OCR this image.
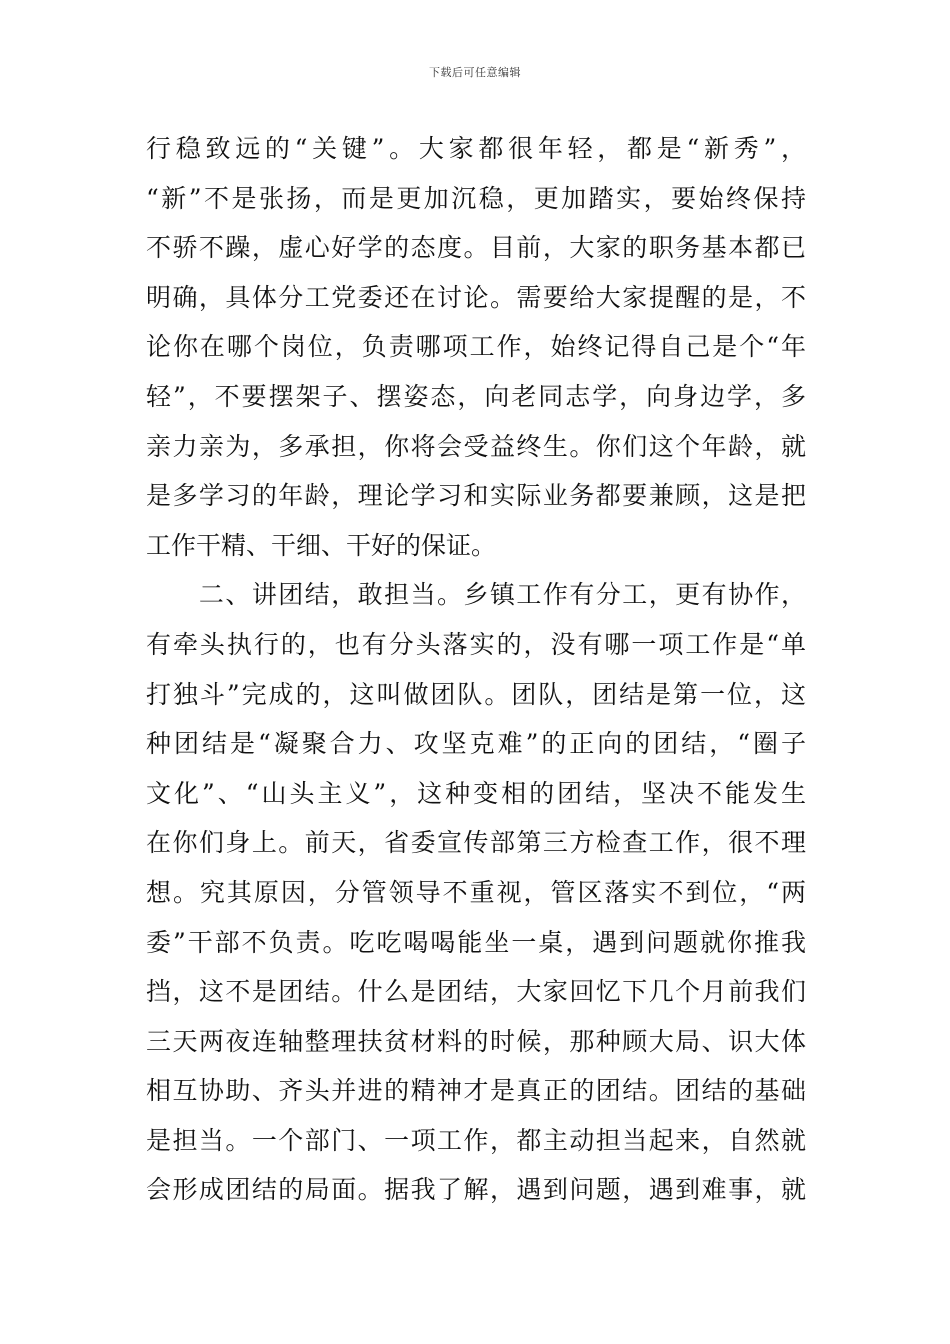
下载后可任意编辑
行稳致远的“关键”。大家都很年轻，都是“新秀”，
“新”不是张扬，而是更加沉稳，更加踏实，要始终保持
不骄不躁，虚心好学的态度。目前，大家的职务基本都已
明确，具体分工党委还在讨论。需要给大家提醒的是，不
论你在哪个岗位，负责哪项工作，始终记得自己是个“年
轻”，不要摆架子、摆姿态，向老同志学，向身边学，多
亲力亲为，多承担，你将会受益终生。你们这个年龄，就
是多学习的年龄，理论学习和实际业务都要兼顾，这是把
工作干精、干细、干好的保证。
　　二、讲团结，敢担当。乡镇工作有分工，更有协作，
有牵头执行的，也有分头落实的，没有哪一项工作是“单
打独斗”完成的，这叫做团队。团队，团结是第一位，这
种团结是“凝聚合力、攻坚克难”的正向的团结，“圈子
文化”、“山头主义”，这种变相的团结，坚决不能发生
在你们身上。前天，省委宣传部第三方检查工作，很不理
想。究其原因，分管领导不重视，管区落实不到位，“两
委”干部不负责。吃吃喝喝能坐一桌，遇到问题就你推我
挡，这不是团结。什么是团结，大家回忆下几个月前我们
三天两夜连轴整理扶贫材料的时候，那种顾大局、识大体
相互协助、齐头并进的精神才是真正的团结。团结的基础
是担当。一个部门、一项工作，都主动担当起来，自然就
会形成团结的局面。据我了解，遇到问题，遇到难事，就
